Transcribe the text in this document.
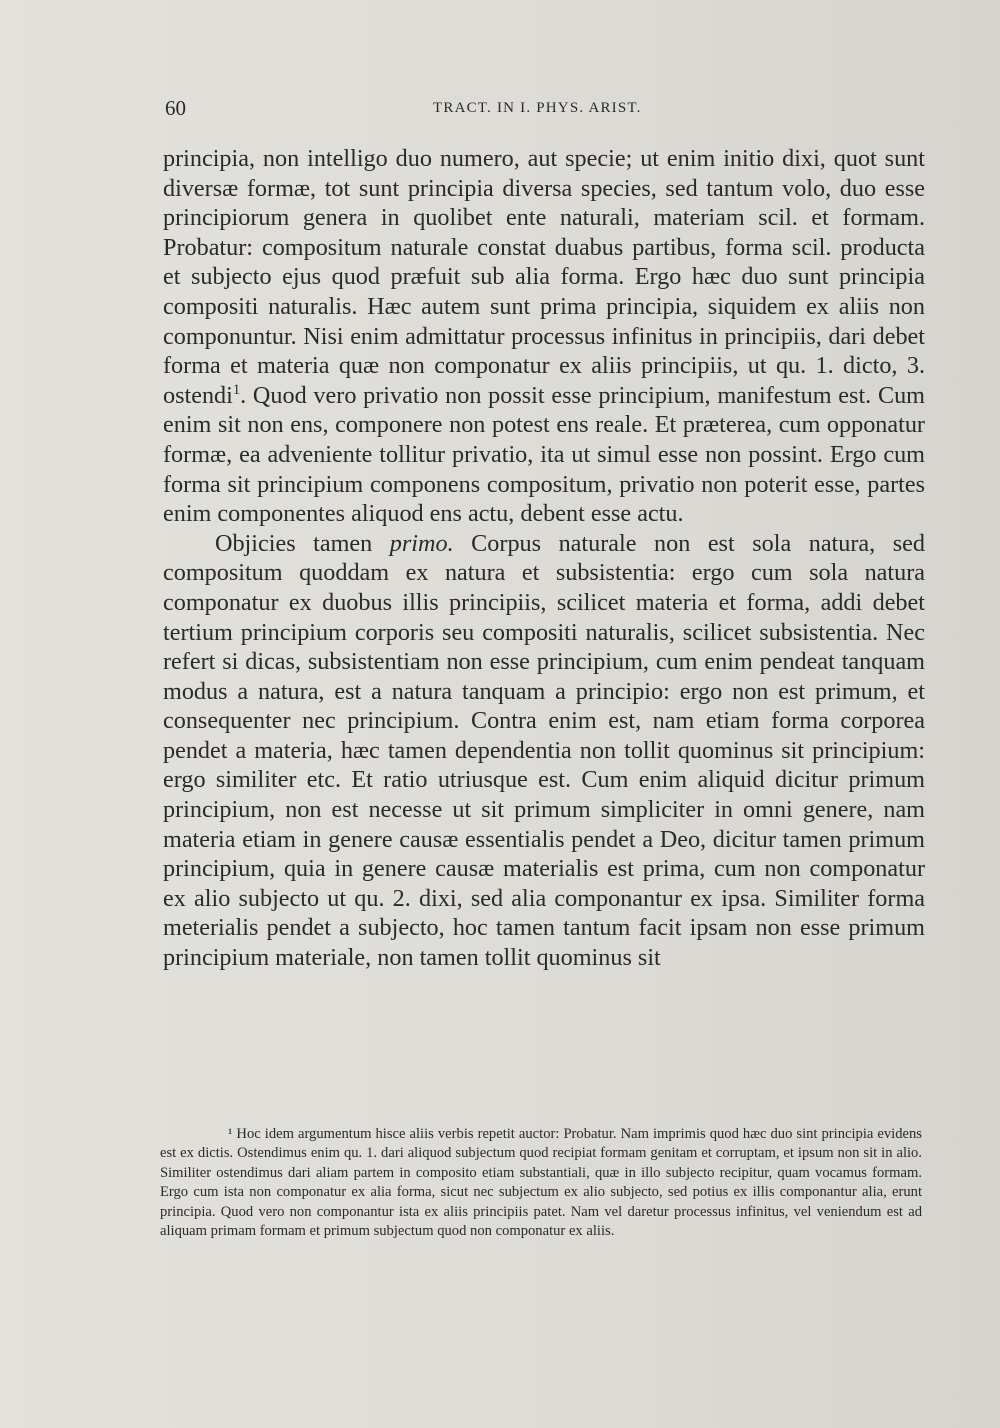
60	TRACT. IN I. PHYS. ARIST.

principia, non intelligo duo numero, aut specie; ut enim initio dixi, quot sunt diversæ formæ, tot sunt principia diversa species, sed tantum volo, duo esse principiorum genera in quolibet ente naturali, materiam scil. et formam. Probatur: compositum naturale constat duabus partibus, forma scil. producta et subjecto ejus quod præfuit sub alia forma. Ergo hæc duo sunt principia compositi naturalis. Hæc autem sunt prima principia, siquidem ex aliis non componuntur. Nisi enim admittatur processus infinitus in principiis, dari debet forma et materia quæ non componatur ex aliis principiis, ut qu. 1. dicto, 3. ostendi$^1$. Quod vero privatio non possit esse principium, manifestum est. Cum enim sit non ens, componere non potest ens reale. Et præterea, cum opponatur formæ, ea adveniente tollitur privatio, ita ut simul esse non possint. Ergo cum forma sit principium componens compositum, privatio non poterit esse, partes enim componentes aliquod ens actu, debent esse actu.

Objicies tamen primo. Corpus naturale non est sola natura, sed compositum quoddam ex natura et subsistentia: ergo cum sola natura componatur ex duobus illis principiis, scilicet materia et forma, addi debet tertium principium corporis seu compositi naturalis, scilicet subsistentia. Nec refert si dicas, subsistentiam non esse principium, cum enim pendeat tanquam modus a natura, est a natura tanquam a principio: ergo non est primum, et consequenter nec principium. Contra enim est, nam etiam forma corporea pendet a materia, hæc tamen dependentia non tollit quominus sit principium: ergo similiter etc. Et ratio utriusque est. Cum enim aliquid dicitur primum principium, non est necesse ut sit primum simpliciter in omni genere, nam materia etiam in genere causæ essentialis pendet a Deo, dicitur tamen primum principium, quia in genere causæ materialis est prima, cum non componatur ex alio subjecto ut qu. 2. dixi, sed alia componantur ex ipsa. Similiter forma meterialis pendet a subjecto, hoc tamen tantum facit ipsam non esse primum principium materiale, non tamen tollit quominus sit

¹ Hoc idem argumentum hisce aliis verbis repetit auctor: Probatur. Nam imprimis quod hæc duo sint principia evidens est ex dictis. Ostendimus enim qu. 1. dari aliquod subjectum quod recipiat formam genitam et corruptam, et ipsum non sit in alio. Similiter ostendimus dari aliam partem in composito etiam substantiali, quæ in illo subjecto recipitur, quam vocamus formam. Ergo cum ista non componatur ex alia forma, sicut nec subjectum ex alio subjecto, sed potius ex illis componantur alia, erunt principia. Quod vero non componantur ista ex aliis principiis patet. Nam vel daretur processus infinitus, vel veniendum est ad aliquam primam formam et primum subjectum quod non componatur ex aliis.
